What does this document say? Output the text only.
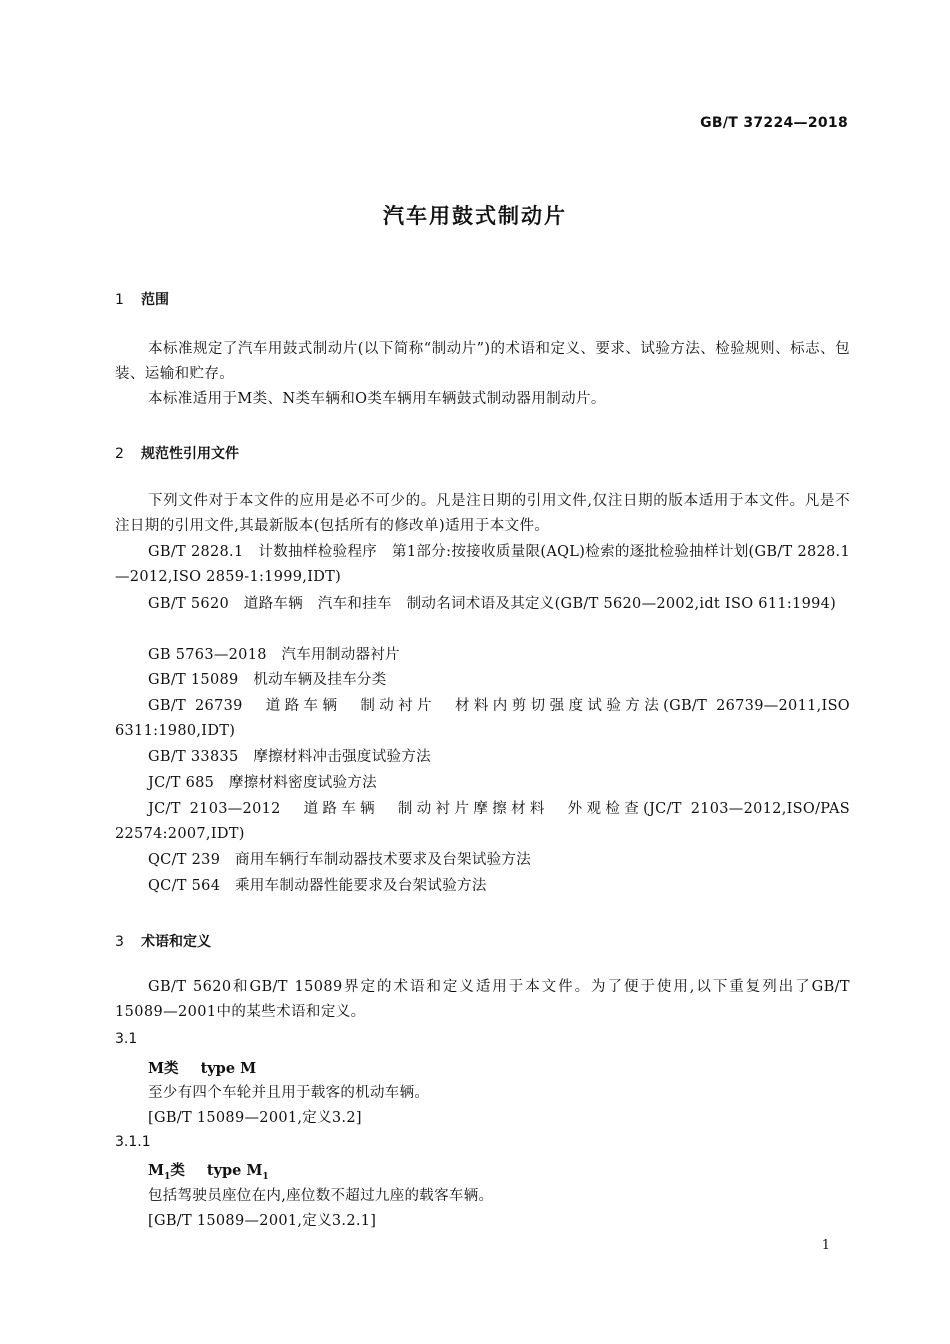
GB/T 37224—2018
汽车用鼓式制动片
1 范围
本标准规定了汽车用鼓式制动片(以下简称“制动片”)的术语和定义、要求、试验方法、检验规则、标志、包装、运输和贮存。
本标准适用于M类、N类车辆和O类车辆用车辆鼓式制动器用制动片。
2 规范性引用文件
下列文件对于本文件的应用是必不可少的。凡是注日期的引用文件,仅注日期的版本适用于本文件。凡是不注日期的引用文件,其最新版本(包括所有的修改单)适用于本文件。
GB/T 2828.1　计数抽样检验程序　第1部分:按接收质量限(AQL)检索的逐批检验抽样计划(GB/T 2828.1—2012,ISO 2859-1:1999,IDT)
GB/T 5620　道路车辆　汽车和挂车　制动名词术语及其定义(GB/T 5620—2002,idt ISO 611:1994)
GB 5763—2018　汽车用制动器衬片
GB/T 15089　机动车辆及挂车分类
GB/T 26739　道路车辆　制动衬片　材料内剪切强度试验方法(GB/T 26739—2011,ISO 6311:1980,IDT)
GB/T 33835　摩擦材料冲击强度试验方法
JC/T 685　摩擦材料密度试验方法
JC/T 2103—2012　道路车辆　制动衬片摩擦材料　外观检查(JC/T 2103—2012,ISO/PAS 22574:2007,IDT)
QC/T 239　商用车辆行车制动器技术要求及台架试验方法
QC/T 564　乘用车制动器性能要求及台架试验方法
3 术语和定义
GB/T 5620和GB/T 15089界定的术语和定义适用于本文件。为了便于使用,以下重复列出了GB/T 15089—2001中的某些术语和定义。
3.1
M类 type M
至少有四个车轮并且用于载客的机动车辆。
[GB/T 15089—2001,定义3.2]
3.1.1
$M_1$类 type $M_1$
包括驾驶员座位在内,座位数不超过九座的载客车辆。
[GB/T 15089—2001,定义3.2.1]
1
